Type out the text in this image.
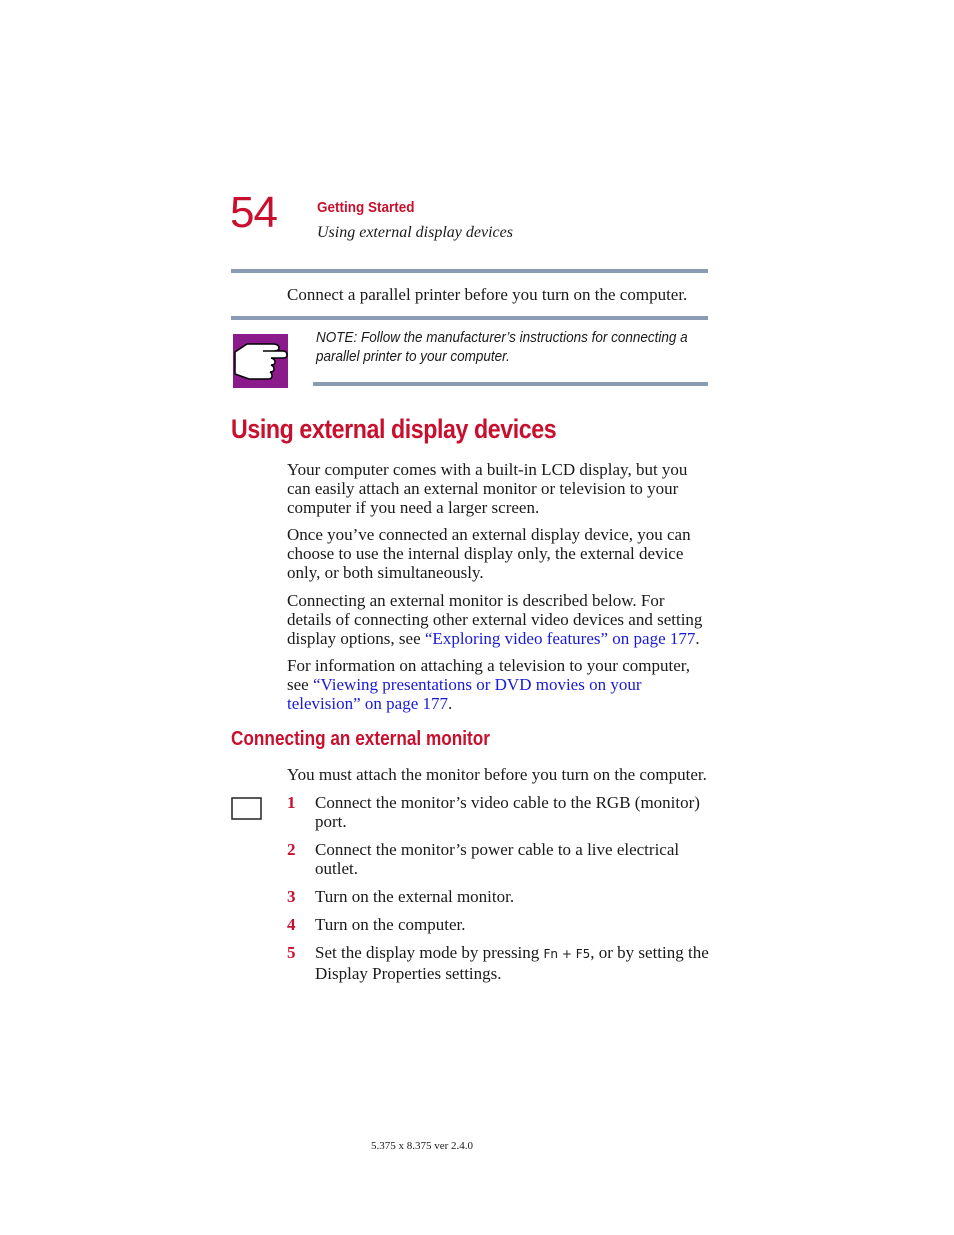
54	Getting Started
Using external display devices
Connect a parallel printer before you turn on the computer.
NOTE: Follow the manufacturer’s instructions for connecting a parallel printer to your computer.
Using external display devices
Your computer comes with a built-in LCD display, but you can easily attach an external monitor or television to your computer if you need a larger screen.
Once you’ve connected an external display device, you can choose to use the internal display only, the external device only, or both simultaneously.
Connecting an external monitor is described below. For details of connecting other external video devices and setting display options, see “Exploring video features” on page 177.
For information on attaching a television to your computer, see “Viewing presentations or DVD movies on your television” on page 177.
Connecting an external monitor
You must attach the monitor before you turn on the computer.
1 Connect the monitor’s video cable to the RGB (monitor) port.
2 Connect the monitor’s power cable to a live electrical outlet.
3 Turn on the external monitor.
4 Turn on the computer.
5 Set the display mode by pressing Fn + F5, or by setting the Display Properties settings.
5.375 x 8.375 ver 2.4.0
